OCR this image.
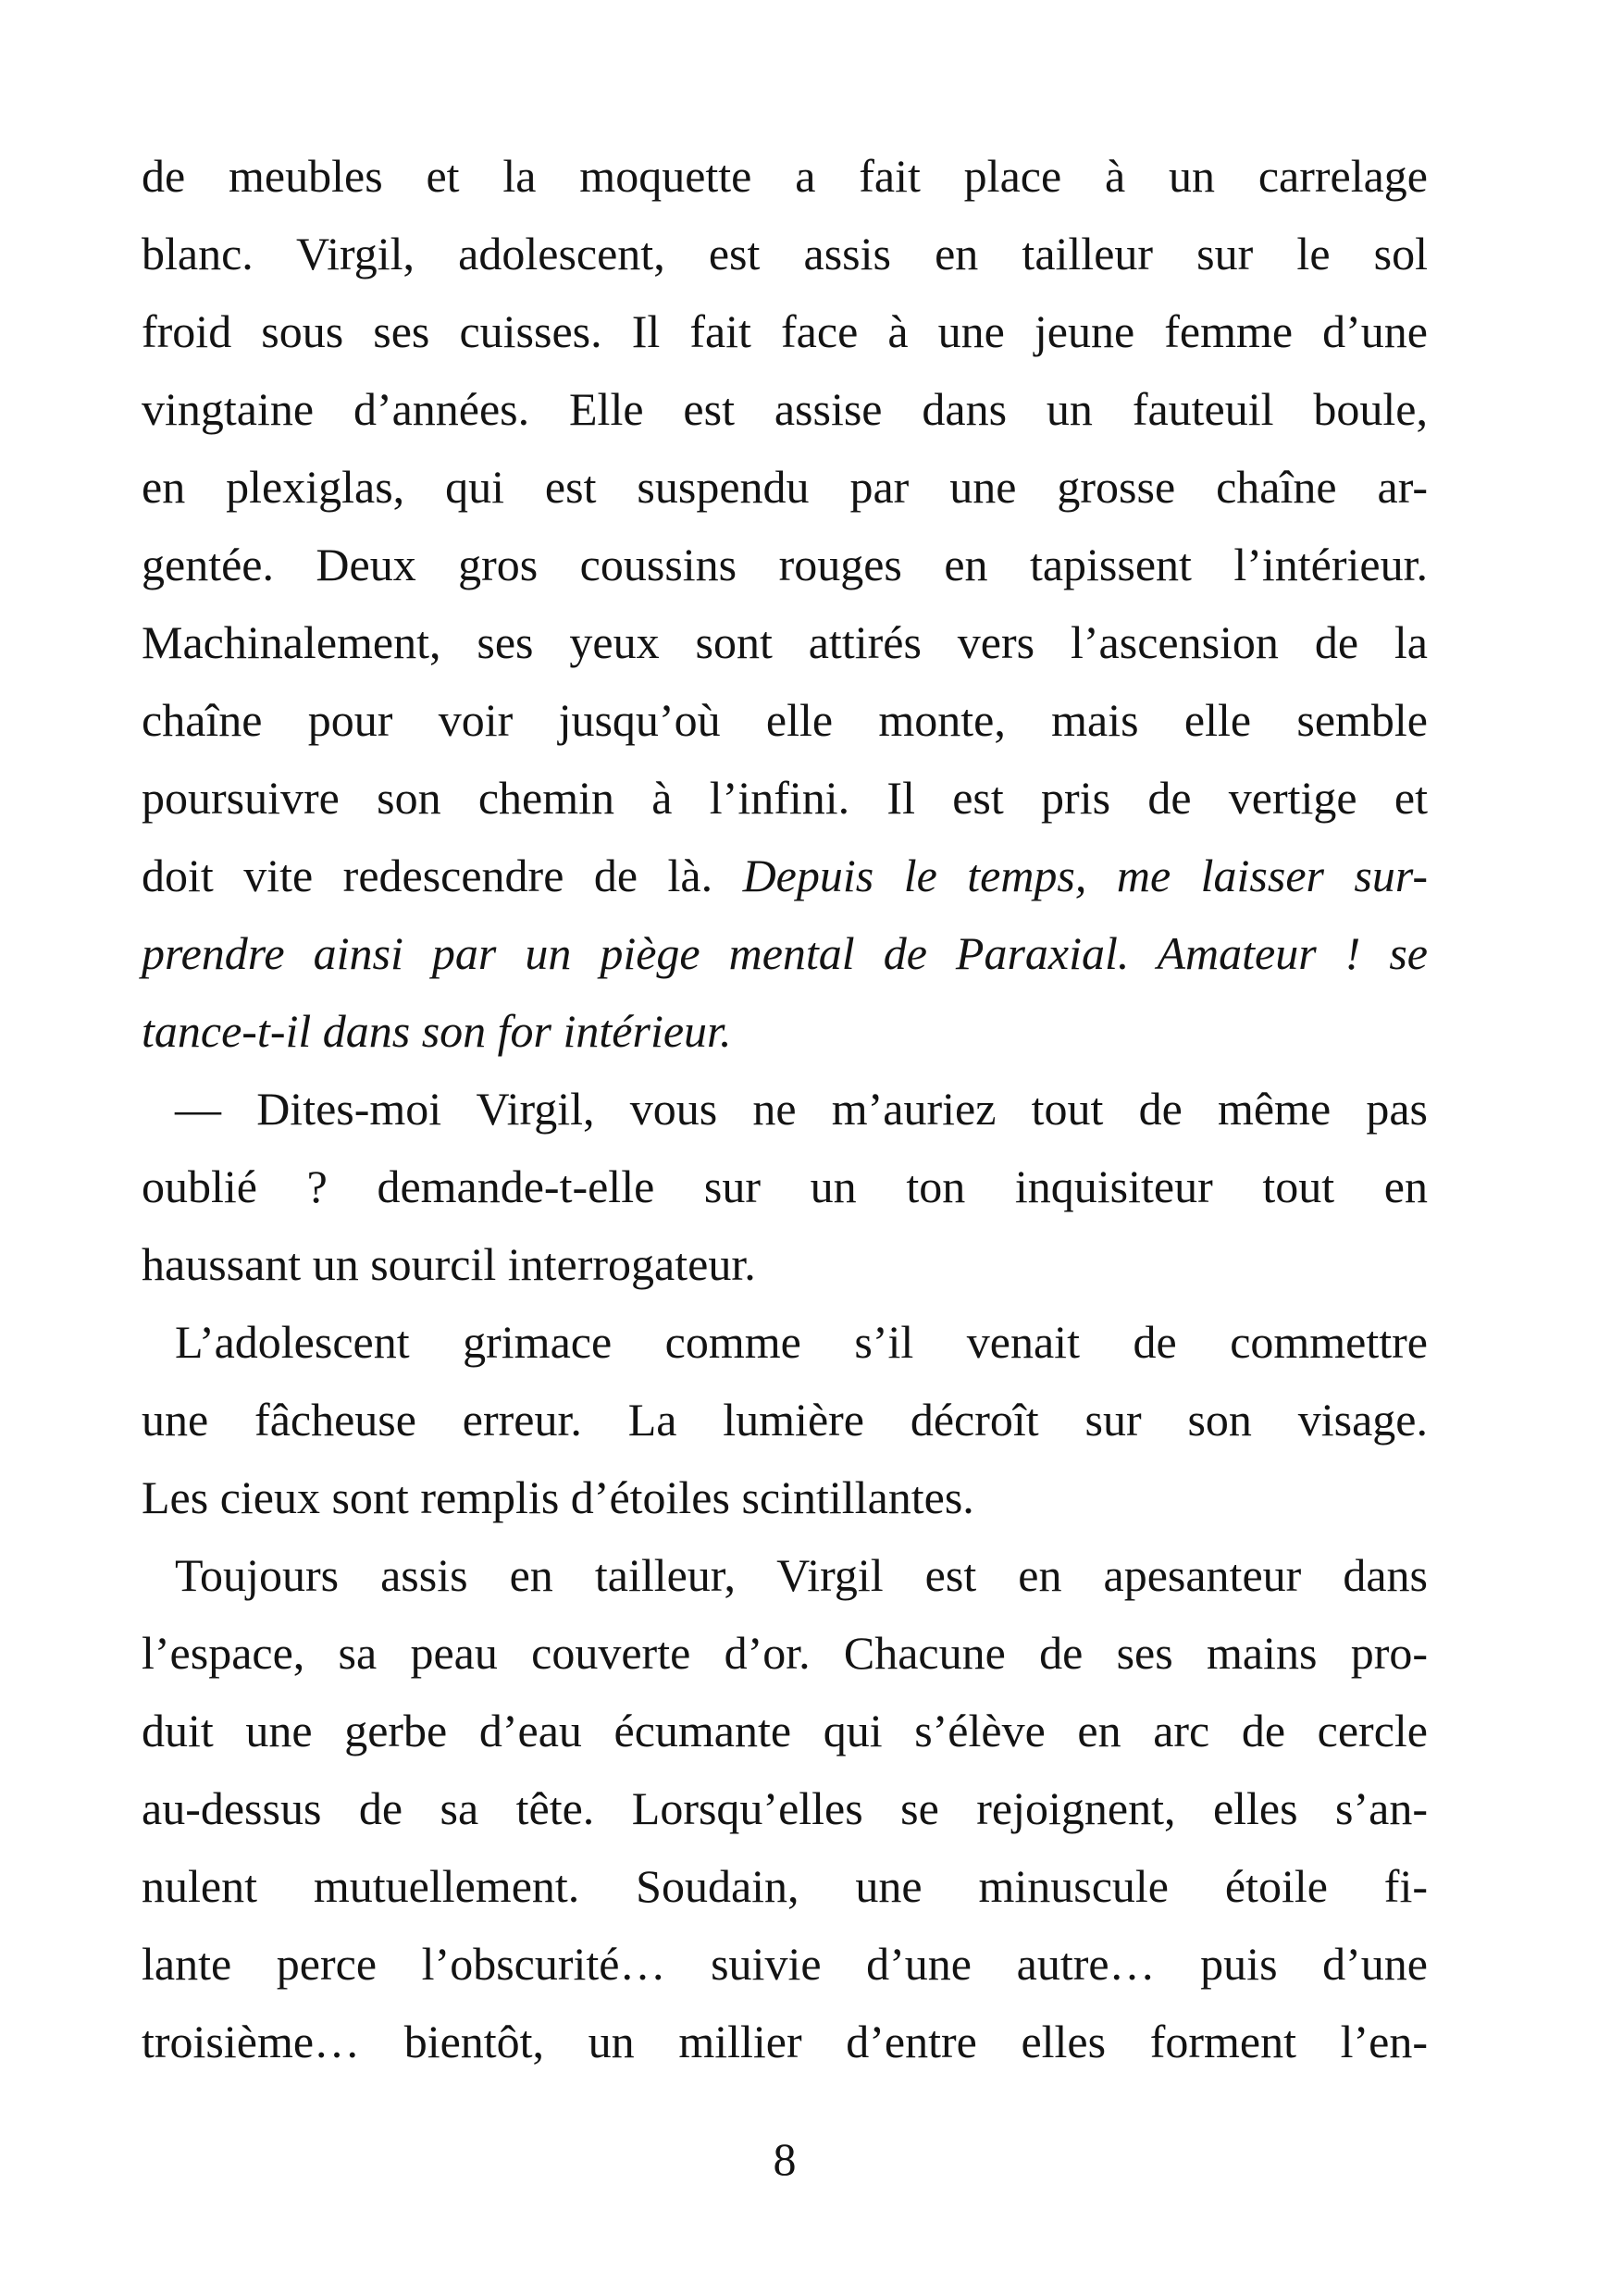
de meubles et la moquette a fait place à un carrelage
blanc. Virgil, adolescent, est assis en tailleur sur le sol
froid sous ses cuisses. Il fait face à une jeune femme d’une
vingtaine d’années. Elle est assise dans un fauteuil boule,
en plexiglas, qui est suspendu par une grosse chaîne ar-
gentée. Deux gros coussins rouges en tapissent l’intérieur.
Machinalement, ses yeux sont attirés vers l’ascension de la
chaîne pour voir jusqu’où elle monte, mais elle semble
poursuivre son chemin à l’infini. Il est pris de vertige et
doit vite redescendre de là. Depuis le temps, me laisser sur-
prendre ainsi par un piège mental de Paraxial. Amateur ! se
tance-t-il dans son for intérieur.
— Dites-moi Virgil, vous ne m’auriez tout de même pas
oublié ? demande-t-elle sur un ton inquisiteur tout en
haussant un sourcil interrogateur.
L’adolescent grimace comme s’il venait de commettre
une fâcheuse erreur. La lumière décroît sur son visage.
Les cieux sont remplis d’étoiles scintillantes.
Toujours assis en tailleur, Virgil est en apesanteur dans
l’espace, sa peau couverte d’or. Chacune de ses mains pro-
duit une gerbe d’eau écumante qui s’élève en arc de cercle
au-dessus de sa tête. Lorsqu’elles se rejoignent, elles s’an-
nulent mutuellement. Soudain, une minuscule étoile fi-
lante perce l’obscurité… suivie d’une autre… puis d’une
troisième… bientôt, un millier d’entre elles forment l’en-
8
